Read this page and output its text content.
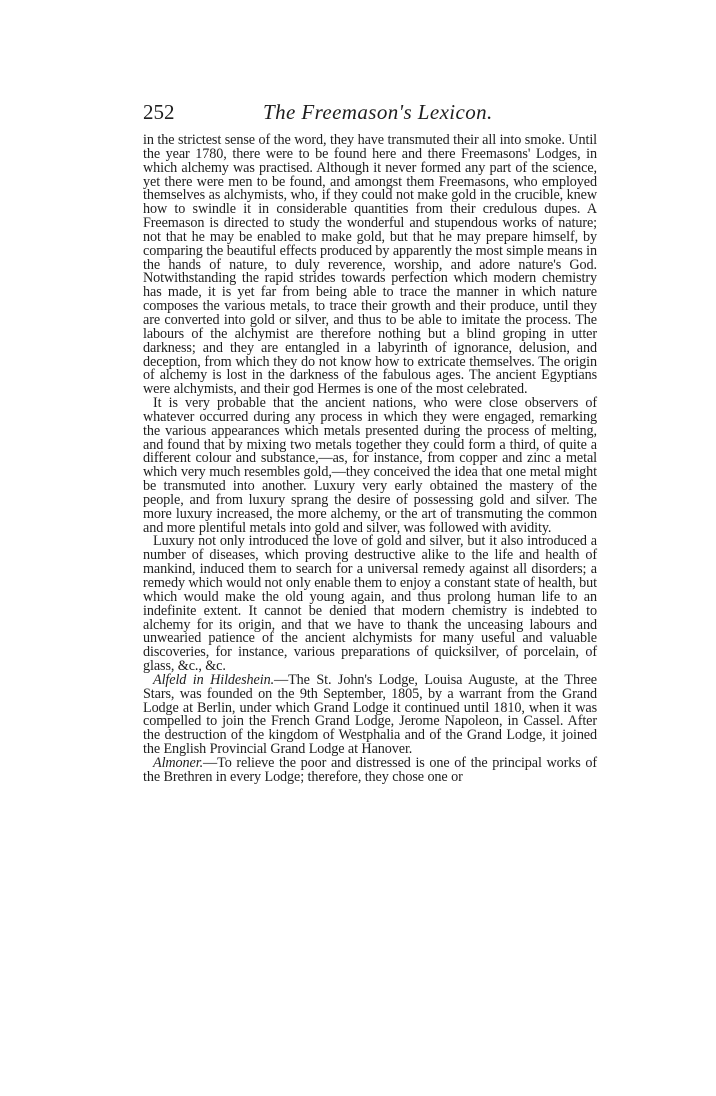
252	The Freemason's Lexicon.

in the strictest sense of the word, they have transmuted their all into smoke. Until the year 1780, there were to be found here and there Freemasons' Lodges, in which alchemy was practised. Although it never formed any part of the science, yet there were men to be found, and amongst them Freemasons, who employed themselves as alchymists, who, if they could not make gold in the crucible, knew how to swindle it in considerable quantities from their credulous dupes. A Freemason is directed to study the wonderful and stupendous works of nature; not that he may be enabled to make gold, but that he may prepare himself, by comparing the beautiful effects produced by apparently the most simple means in the hands of nature, to duly reverence, worship, and adore nature's God. Notwithstanding the rapid strides towards perfection which modern chemistry has made, it is yet far from being able to trace the manner in which nature composes the various metals, to trace their growth and their produce, until they are converted into gold or silver, and thus to be able to imitate the process. The labours of the alchymist are therefore nothing but a blind groping in utter darkness; and they are entangled in a labyrinth of ignorance, delusion, and deception, from which they do not know how to extricate themselves. The origin of alchemy is lost in the darkness of the fabulous ages. The ancient Egyptians were alchymists, and their god Hermes is one of the most celebrated.

It is very probable that the ancient nations, who were close observers of whatever occurred during any process in which they were engaged, remarking the various appearances which metals presented during the process of melting, and found that by mixing two metals together they could form a third, of quite a different colour and substance,—as, for instance, from copper and zinc a metal which very much resembles gold,—they conceived the idea that one metal might be transmuted into another. Luxury very early obtained the mastery of the people, and from luxury sprang the desire of possessing gold and silver. The more luxury increased, the more alchemy, or the art of transmuting the common and more plentiful metals into gold and silver, was followed with avidity.

Luxury not only introduced the love of gold and silver, but it also introduced a number of diseases, which proving destructive alike to the life and health of mankind, induced them to search for a universal remedy against all disorders; a remedy which would not only enable them to enjoy a constant state of health, but which would make the old young again, and thus prolong human life to an indefinite extent. It cannot be denied that modern chemistry is indebted to alchemy for its origin, and that we have to thank the unceasing labours and unwearied patience of the ancient alchymists for many useful and valuable discoveries, for instance, various preparations of quicksilver, of porcelain, of glass, &c., &c.

Alfeld in Hildeshein.—The St. John's Lodge, Louisa Auguste, at the Three Stars, was founded on the 9th September, 1805, by a warrant from the Grand Lodge at Berlin, under which Grand Lodge it continued until 1810, when it was compelled to join the French Grand Lodge, Jerome Napoleon, in Cassel. After the destruction of the kingdom of Westphalia and of the Grand Lodge, it joined the English Provincial Grand Lodge at Hanover.

Almoner.—To relieve the poor and distressed is one of the principal works of the Brethren in every Lodge; therefore, they chose one or
